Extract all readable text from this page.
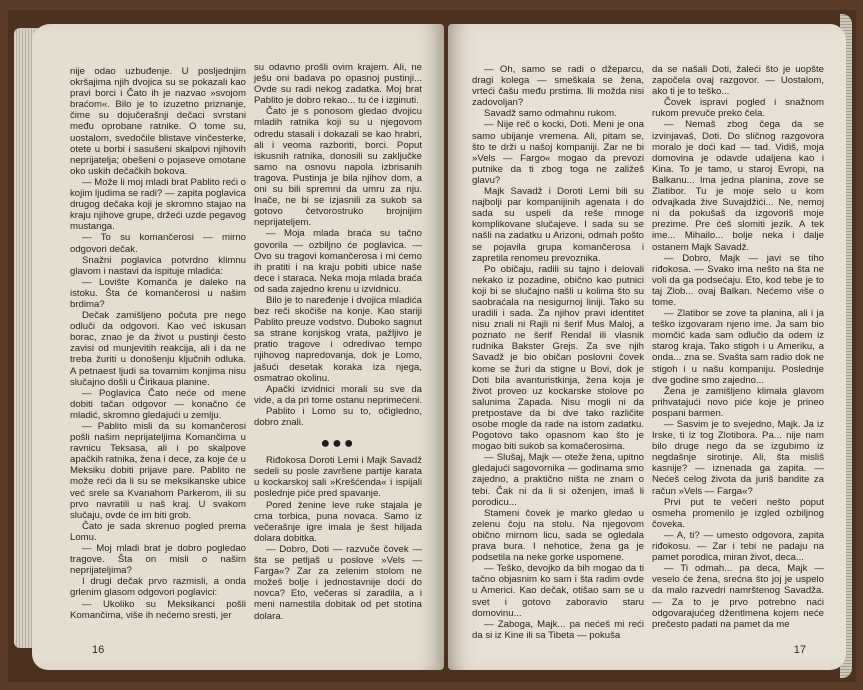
nije odao uzbuđenje. U posljednjim okršajima njih dvojica su se pokazali kao pravi borci i Čato ih je nazvao »svojom braćom«. Bilo je to izuzetno priznanje, čime su dojučerašnji dečaci svrstani među oprobane ratnike. O tome su, uostalom, svedočile blistave vinčesterke, otete u borbi i sasušeni skalpovi njihovih neprijatelja; obešeni o pojaseve omotane oko uskih dečačkih bokova.

— Može li moj mladi brat Pablito reći o kojim ljudima se radi? — zapita poglavica drugog dečaka koji je skromno stajao na kraju njihove grupe, držeći uzde pegavog mustanga.

— To su komančerosi — mirno odgovori dečak.

Snažni poglavica potvrdno klimnu glavom i nastavi da ispituje mladića:

— Lovište Komanča je daleko na istoku. Šta će komančerosi u našim brdima?

Dečak zamišljeno počuta pre nego odluči da odgovori. Kao već iskusan borac, znao je da život u pustinji često zavisi od munjevitih reakcija, ali i da ne treba žuriti u donošenju ključnih odluka. A petnaest ljudi sa tovarnim konjima nisu slučajno došli u Čirikaua planine.

— Poglavica Čato neće od mene dobiti tačan odgovor — konačno će mladić, skromno gledajući u zemlju.

— Pablito misli da su komančerosi pošli našim neprijateljima Komančima u ravnicu Teksasa, ali i po skalpove apačkih ratnika, žena i dece, za koje će u Meksiku dobiti prijave pare. Pablito ne može reći da li su se meksikanske ubice već srele sa Kvanahom Parkerom, ili su prvo navratili u naš kraj. U svakom slučaju, ovde će im biti grob.

Čato je sada skrenuo pogled prema Lomu.

— Moj mladi brat je dobro pogledao tragove. Šta on misli o našim neprijateljima?

I drugi dečak prvo razmisli, a onda grlenim glasom odgovori poglavici:

— Ukoliko su Meksikanci pošli Komančima, više ih nećemo sresti, jer

su odavno prošli ovim krajem. Ali, ne ješu oni badava po opasnoj pustinji... Ovde su radi nekog zadatka. Moj brat Pablito je dobro rekao... tu će i izginuti.

Čato je s ponosom gledao dvojicu mladih ratnika koji su u njegovom odredu stasali i dokazali se kao hrabri, ali i veoma razboriti, borci. Poput iskusnih ratnika, donosili su zaključke samo na osnovu napola izbrisanih tragova. Pustinja je bila njihov dom, a oni su bili spremni da umru za nju. Inače, ne bi se izjasnili za sukob sa gotovo četvorostruko brojnijim neprijateljem.

— Moja mlada braća su tačno govorila — ozbiljno će poglavica. — Ovo su tragovi komančerosa i mi ćemo ih pratiti i na kraju pobiti ubice naše dece i staraca. Neka moja mlada braća od sada zajedno krenu u izvidnicu.

Bilo je to naređenje i dvojica mladića bez reči skočiše na konje. Kao stariji Pablito preuze vodstvo. Duboko sagnut sa strane konjskog vrata, pažljivo je pratio tragove i odredivao tempo njihovog napredovanja, dok je Lomo, jašući desetak koraka iza njega, osmatrao okolinu.

Apački izvidnici morali su sve da vide, a da pri tome ostanu neprimećeni.

Pablito i Lomo su to, očigledno, dobro znali.

●●●

Riđokosa Doroti Lemi i Majk Savadž sedeli su posle završene partije karata u kockarskoj sali »Krešćenda« i ispijali poslednje piće pred spavanje.

Pored ženine leve ruke stajala je crna torbica, puna novaca. Samo iz večerašnje igre imala je šest hiljada dolara dobitka.

— Dobro, Doti — razvuče čovek — šta se petljaš u poslove »Vels — Farga«? Zar za zelenim stolom ne možeš bolje i jednostavnije doći do novca? Eto, večeras si zaradila, a i meni namestila dobitak od pet stotina dolara.

16

— Oh, samo se radi o džeparcu, dragi kolega — smeškala se žena, vrteći čašu među prstima. Ili možda nisi zadovoljan?

Savadž samo odmahnu rukom.

— Nije reč o kocki, Doti. Meni je ona samo ubijanje vremena. Ali, pitam se, što te drži u našoj kompaniji. Zar ne bi »Vels — Fargo« mogao da prevozi putnike da ti zbog toga ne zaližeš glavu?

Majk Savadž i Doroti Lemi bili su najbolji par kompanijinih agenata i do sada su uspeli da reše mnoge komplikovane slučajeve. I sada su se našli na zadatku u Arizoni, odmah pošto se pojavila grupa komančerosa i zapretila renomeu prevoznika.

Po običaju, radili su tajno i delovali nekako iz pozadine, obično kao putnici koji bi se slučajno našli u kolima što su saobraćala na nesigurnoj liniji. Tako su uradili i sada. Za njihov pravi identitet nisu znali ni Rajli ni šerif Mus Maloj, a poznato ne šerif Rendal ili vlasnik rudnika Bakster Grejs. Za sve njih Savadž je bio običan poslovni čovek kome se žuri da stigne u Bovi, dok je Doti bila avanturistkinja, žena koja je život proveo uz kockarske stolove po salunima Zapada. Nisu mogli ni da pretpostave da bi dve tako različite osobe mogle da rade na istom zadatku. Pogotovo tako opasnom kao što je mogao biti sukob sa komačerosima.

— Slušaj, Majk — oteže žena, upitno gledajući sagovornika — godinama smo zajedno, a praktično ništa ne znam o tebi. Čak ni da li si oženjen, imaš li porodicu...

Stameni čovek je marko gledao u zelenu čoju na stolu. Na njegovom obično mirnom licu, sada se ogledala prava bura. I nehotice, žena ga je podsetila na neke gorke uspomene.

— Teško, devojko da bih mogao da ti tačno objasnim ko sam i šta radim ovde u Americi. Kao dečak, otišao sam se u svet i gotovo zaboravio staru domovinu...

— Zaboga, Majk... pa nećeš mi reći da si iz Kine ili sa Tibeta — pokuša

da se našali Doti, žaleći što je uopšte započela ovaj razgovor. — Uostalom, ako ti je to teško...

Čovek ispravi pogled i snažnom rukom prevuče preko čela.

— Nemaš zbog čega da se izvinjavaš, Doti. Do sličnog razgovora moralo je doći kad — tad. Vidiš, moja domovina je odavde udaljena kao i Kina. To je tamo, u staroj Evropi, na Balkanu... Ima jedna planina, zove se Zlatibor. Tu je moje selo u kom odvajkada žive Suvajdžići... Ne, nemoj ni da pokušaš da izgovoriš moje prezime. Pre ćeš slomiti jezik. A tek ime... Mihailo... bolje neka i dalje ostanem Majk Savadž.

— Dobro, Majk — javi se tiho riđokosa. — Svako ima nešto na šta ne voli da ga podsećaju. Eto, kod tebe je to taj Zlob... ovaj Balkan. Nećemo više o tome.

— Zlatibor se zove ta planina, ali i ja teško izgovaram njeno ime. Ja sam bio momčić kada sam odlučio da odem iz starog kraja. Tako stigoh i u Ameriku, a onda... zna se. Svašta sam radio dok ne stigoh i u našu kompaniju. Poslednje dve godine smo zajedno...

Žena je zamišljeno klimala glavom prihvatajući novo piće koje je prineo pospani barmen.

— Sasvim je to svejedno, Majk. Ja iz Irske, ti iz tog Zlotibora. Pa... nije nam bilo druge nego da se izgubimo iz negdašnje sirotinje. Ali, šta misliš kasnije? — iznenada ga zapita. — Nećeš celog života da juriš bandite za račun »Vels — Farga«?

Prvi put te večeri nešto poput osmeha promenilo je izgled ozbiljnog čoveka.

— A, ti? — umesto odgovora, zapita riđokosu. — Zar i tebi ne padaju na pamet porodica, miran život, deca...

— Ti odmah... pa deca, Majk — veselo će žena, srećna što joj je uspelo da malo razvedri namrštenog Savadža. — Za to je prvo potrebno naći odgovarajućeg džentlmena kojem neće prečesto padati na pamet da me

17
